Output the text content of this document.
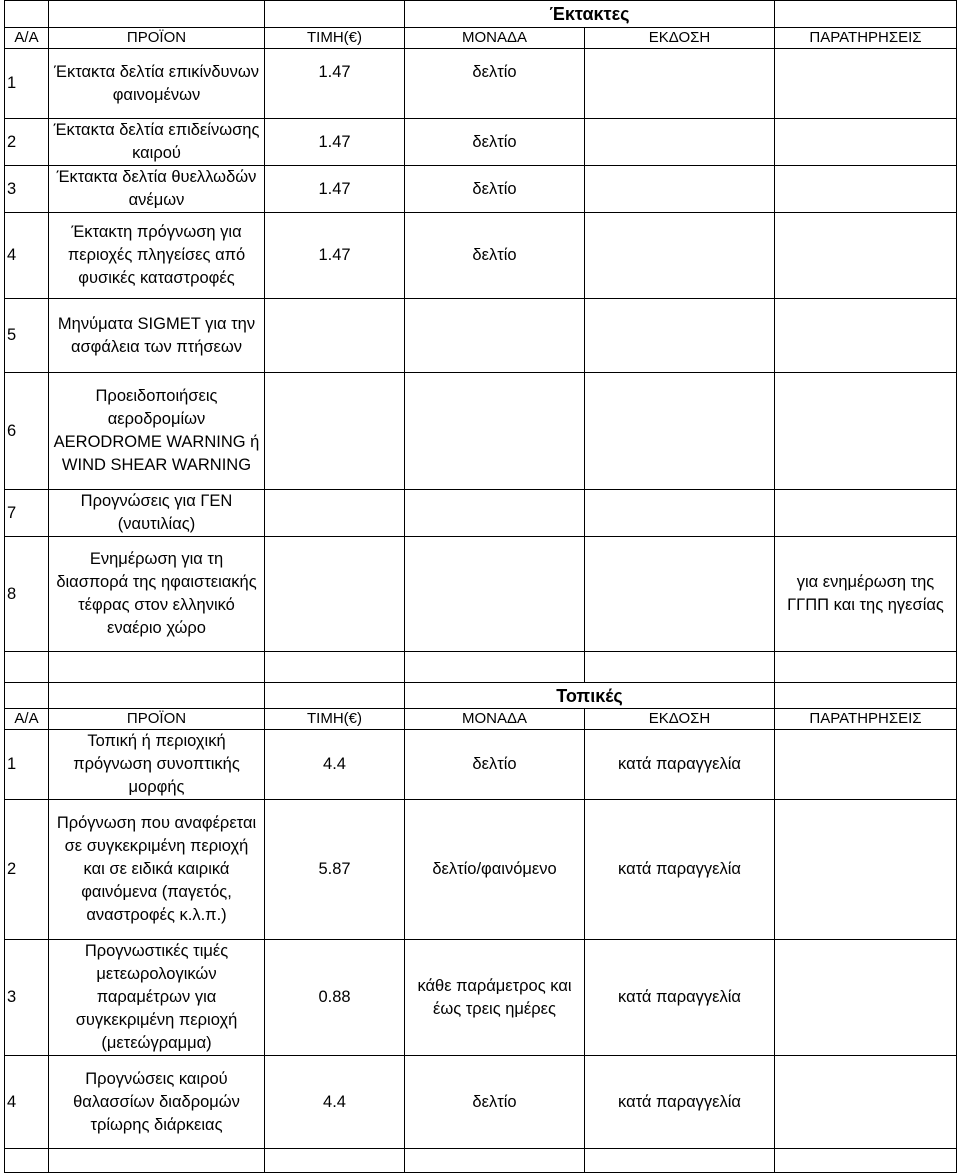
			Έκτακτες		
Α/Α	ΠΡΟΪΟΝ	ΤΙΜΗ(€)	ΜΟΝΑΔΑ	ΕΚΔΟΣΗ	ΠΑΡΑΤΗΡΗΣΕΙΣ
1	Έκτακτα δελτία επικίνδυνων φαινομένων	1.47	δελτίο		
2	Έκτακτα δελτία επιδείνωσης καιρού	1.47	δελτίο		
3	Έκτακτα δελτία θυελλωδών ανέμων	1.47	δελτίο		
4	Έκτακτη πρόγνωση για περιοχές πληγείσες από φυσικές καταστροφές	1.47	δελτίο		
5	Μηνύματα SIGMET για την ασφάλεια των πτήσεων				
6	Προειδοποιήσεις αεροδρομίων AERODROME WARNING ή WIND SHEAR WARNING				
7	Προγνώσεις για ΓΕΝ (ναυτιλίας)				
8	Ενημέρωση για τη διασπορά της ηφαιστειακής τέφρας στον ελληνικό εναέριο χώρο				για ενημέρωση της ΓΓΠΠ και της ηγεσίας

			Τοπικές		
Α/Α	ΠΡΟΪΟΝ	ΤΙΜΗ(€)	ΜΟΝΑΔΑ	ΕΚΔΟΣΗ	ΠΑΡΑΤΗΡΗΣΕΙΣ
1	Τοπική ή περιοχική πρόγνωση συνοπτικής μορφής	4.4	δελτίο	κατά παραγγελία	
2	Πρόγνωση που αναφέρεται σε συγκεκριμένη περιοχή και σε ειδικά καιρικά φαινόμενα (παγετός, αναστροφές κ.λ.π.)	5.87	δελτίο/φαινόμενο	κατά παραγγελία	
3	Προγνωστικές τιμές μετεωρολογικών παραμέτρων για συγκεκριμένη περιοχή (μετεώγραμμα)	0.88	κάθε παράμετρος και έως τρεις ημέρες	κατά παραγγελία	
4	Προγνώσεις καιρού θαλασσίων διαδρομών τρίωρης διάρκειας	4.4	δελτίο	κατά παραγγελία	
